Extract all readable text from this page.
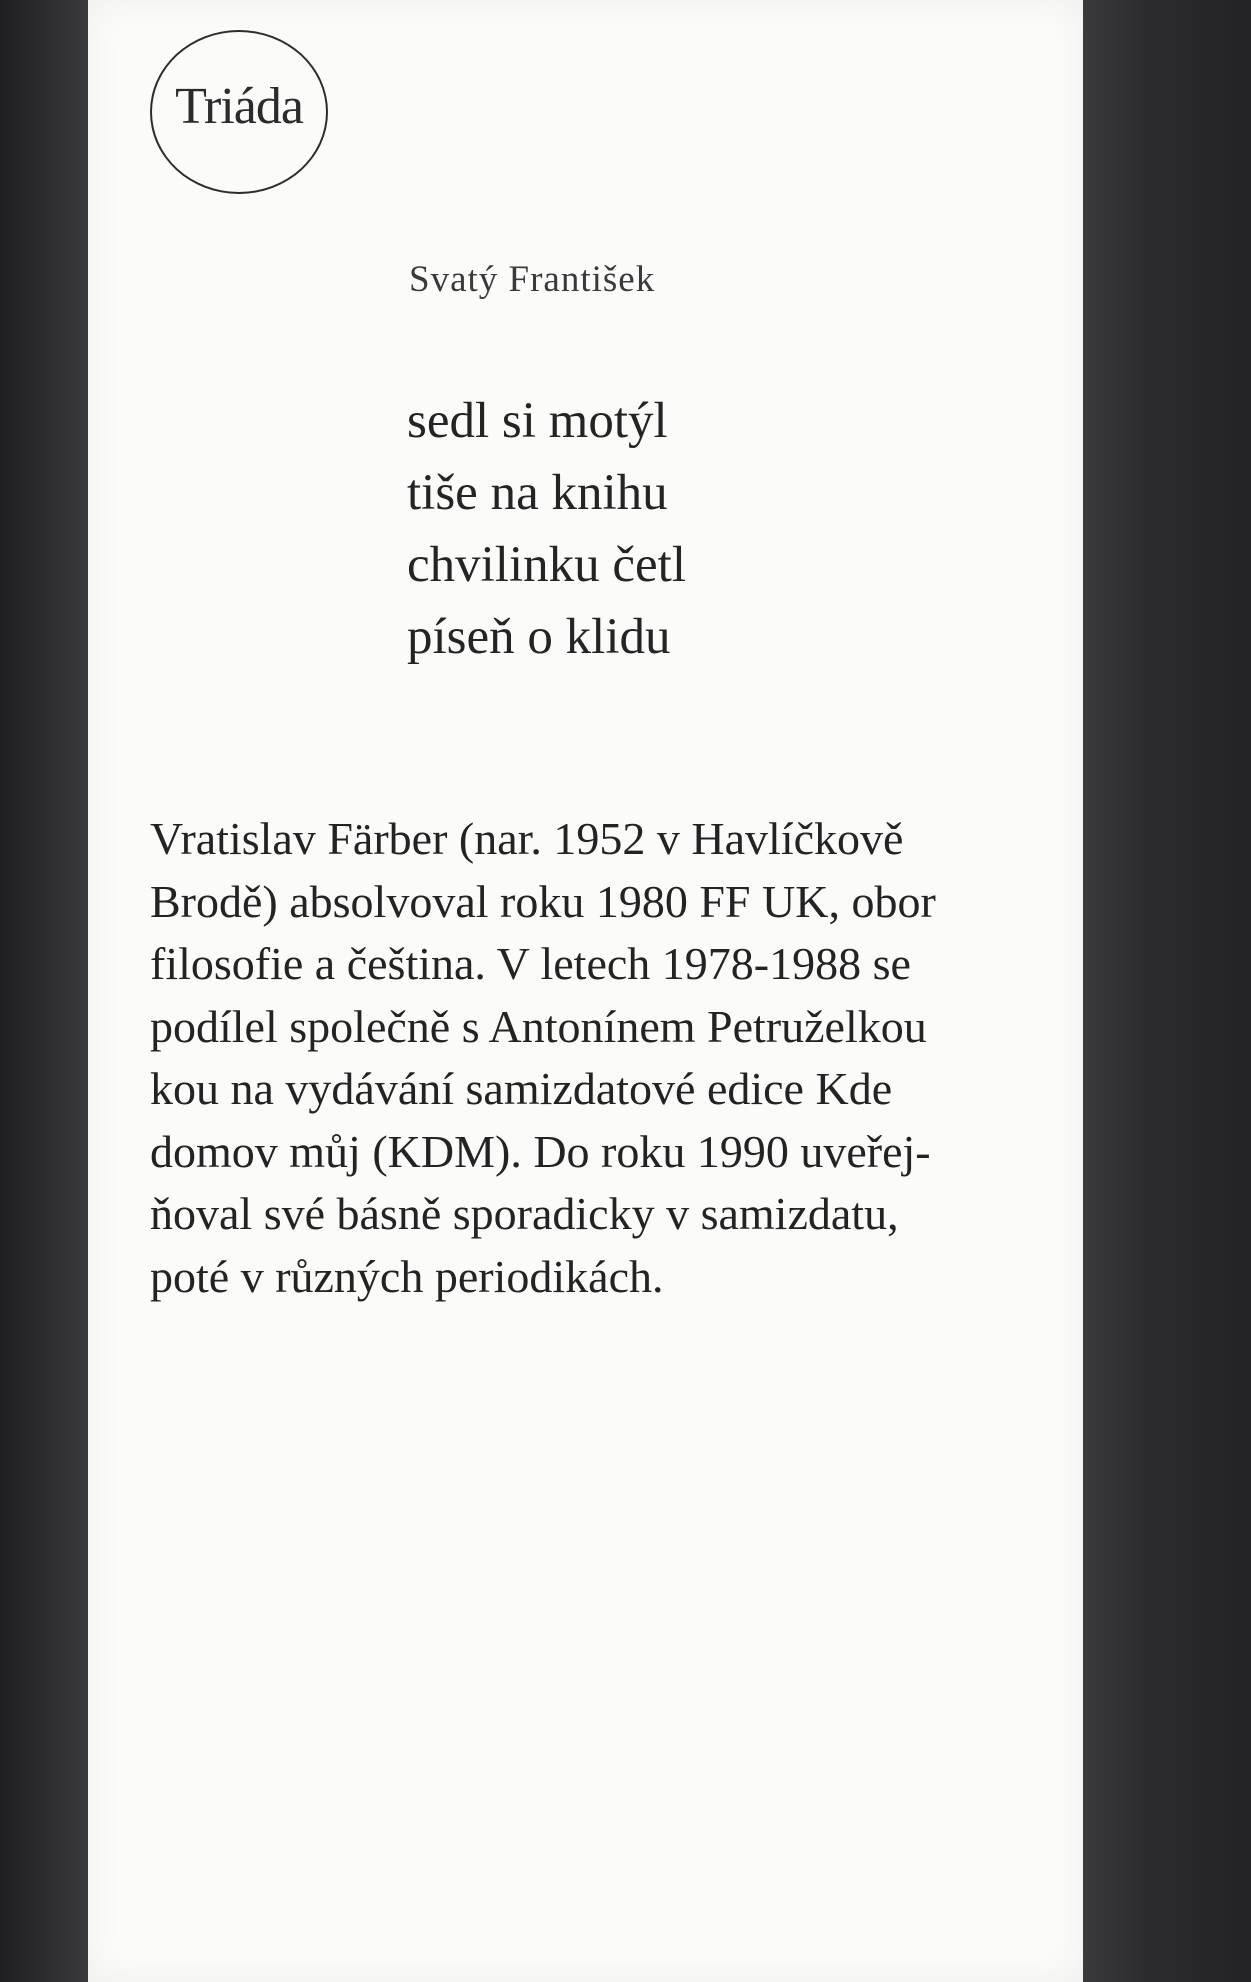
Triáda
Svatý František
sedl si motýl
tiše na knihu
chvilinku četl
píseň o klidu
Vratislav Färber (nar. 1952 v Havlíčkově
Brodě) absolvoval roku 1980 FF UK, obor
filosofie a čeština. V letech 1978-1988 se
podílel společně s Antonínem Petruželkou
kou na vydávání samizdatové edice Kde
domov můj (KDM). Do roku 1990 uveřej-
ňoval své básně sporadicky v samizdatu,
poté v různých periodikách.
